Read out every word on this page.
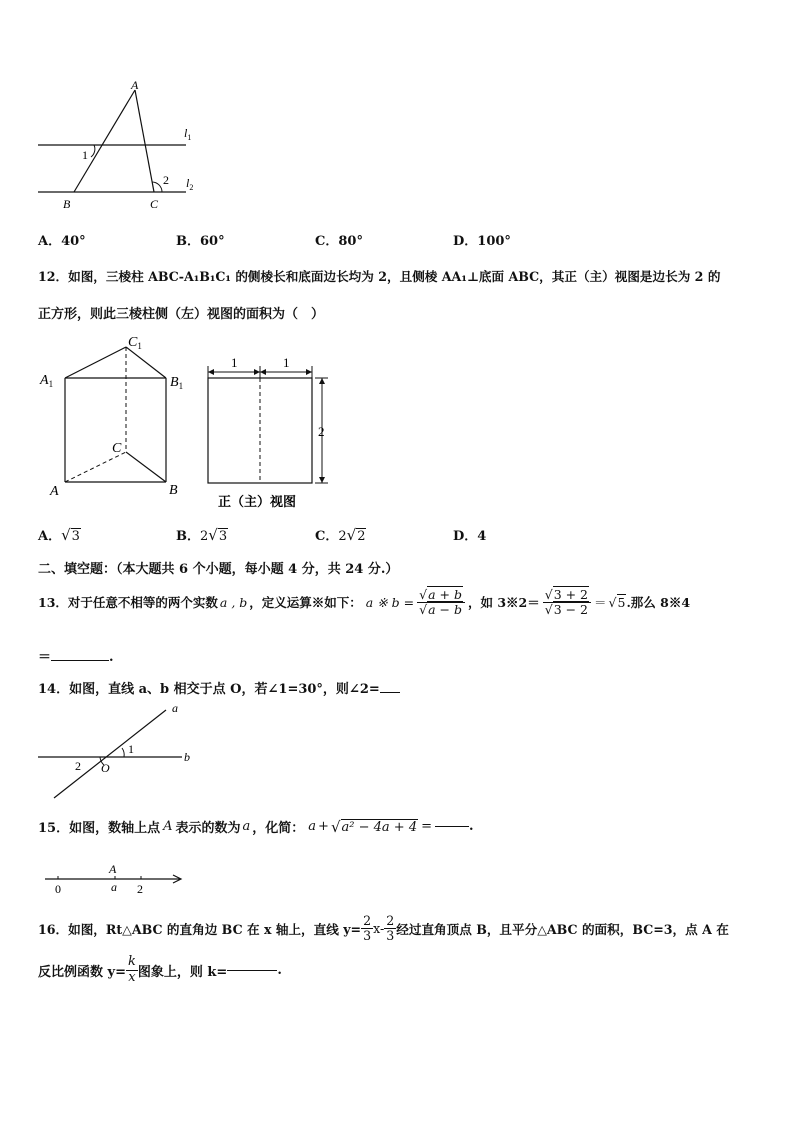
A
B	C
1
2
$l_1$
$l_2$
A．40°	B．60°	C．80°	D．100°
12．如图，三棱柱 ABC-A₁B₁C₁ 的侧棱长和底面边长均为 2，且侧棱 AA₁⊥底面 ABC，其正（主）视图是边长为 2 的
正方形，则此三棱柱侧（左）视图的面积为（　）
$C_1$
$A_1$	$B_1$
C
A	B
1	1
2
正（主）视图
A．√3	B．2√3	C．2√2	D．4
二、填空题：（本大题共 6 个小题，每小题 4 分，共 24 分.）
13．对于任意不相等的两个实数 a , b ，定义运算※如下： a ※ $b = \frac{√a + b}{√a - b}$ ，如 3※2＝ $\frac{√3 + 2}{√3 - 2} = √5$ .那么 8※4
＝	.
14．如图，直线 a、b 相交于点 O，若∠1=30°，则∠2=
a
b
O
1
2
15．如图，数轴上点 A 表示的数为 a ，化简： a + √ a² − 4a + 4 =	.
A
0	a 2
16．如图，Rt△ABC 的直角边 BC 在 x 轴上，直线 $y= \frac{2}{3} x- \frac{2}{3}$ 经过直角顶点 B，且平分△ABC 的面积，BC=3，点 A 在
反比例函数 $y= \frac{k}{x}$ 图象上，则 k=	.
